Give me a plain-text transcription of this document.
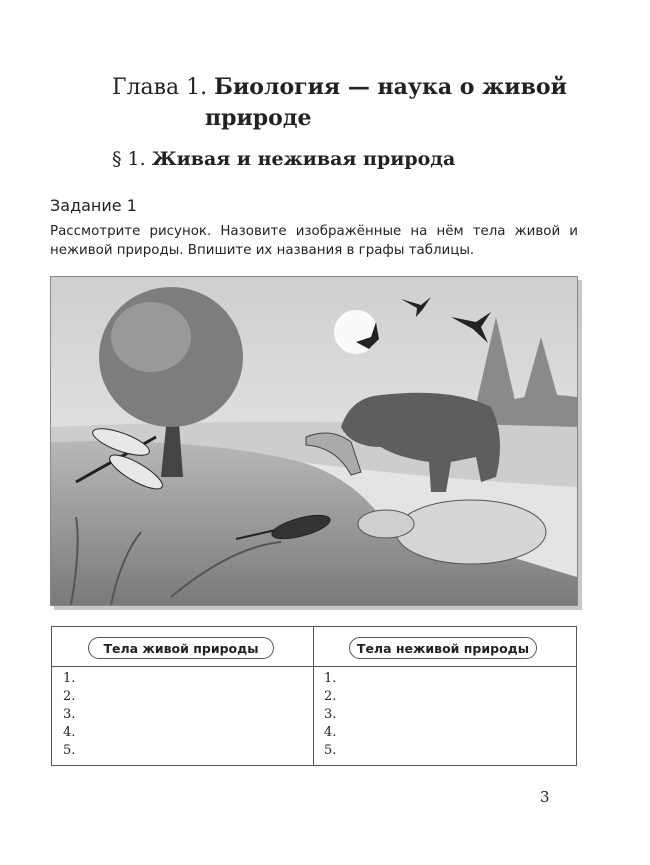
Глава 1. Биология — наука о живой
природе
§ 1. Живая и неживая природа
Задание 1
Рассмотрите рисунок. Назовите изображённые на нём тела живой и неживой природы. Впишите их названия в графы таблицы.
Тела живой природы	Тела неживой природы
1.
2.
3.
4.
5.
1.
2.
3.
4.
5.
3
